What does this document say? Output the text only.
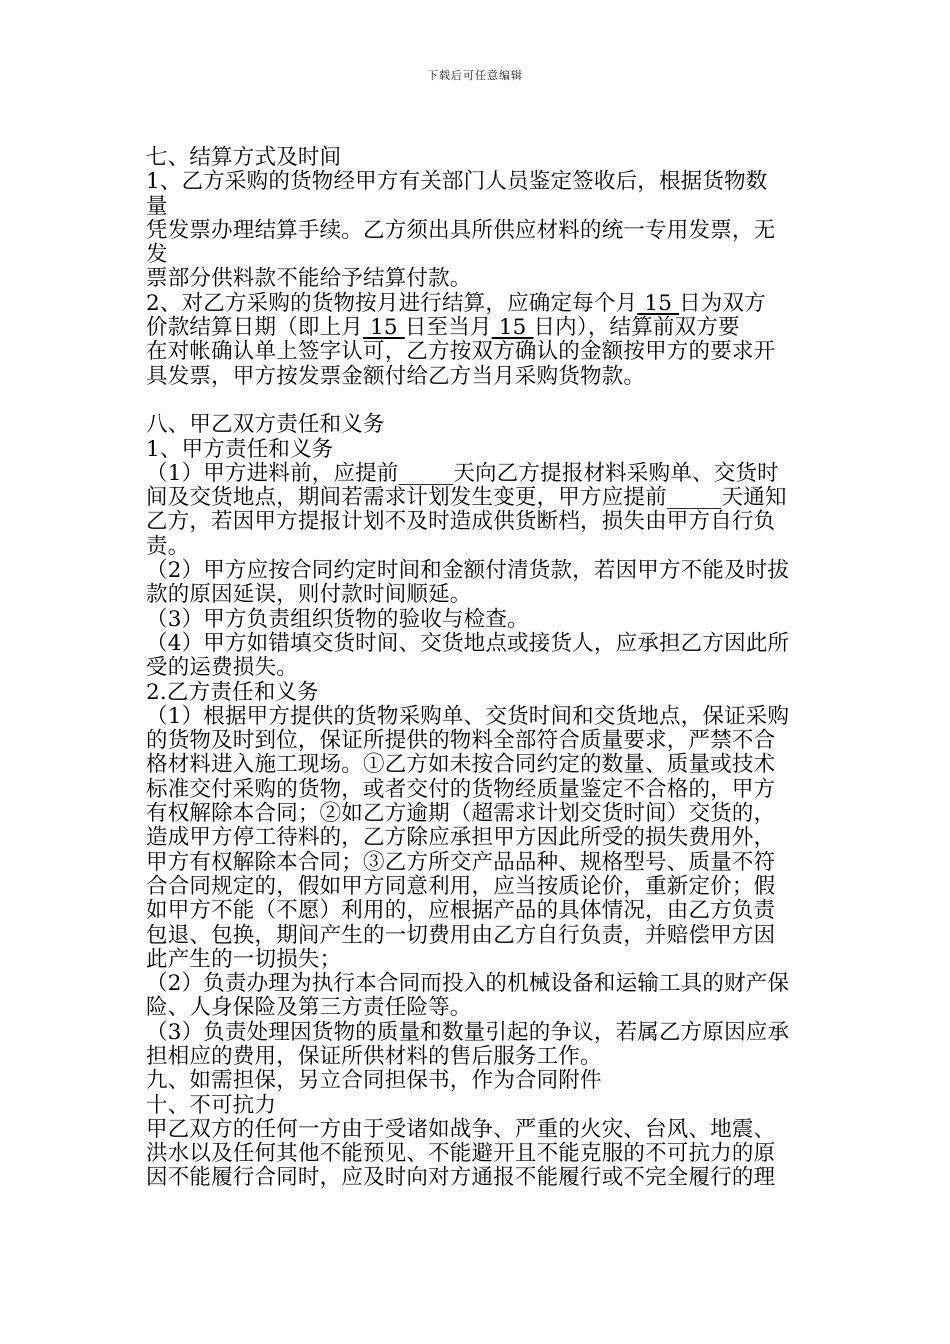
下载后可任意编辑
七、结算方式及时间
1、乙方采购的货物经甲方有关部门人员鉴定签收后，根据货物数
量
凭发票办理结算手续。乙方须出具所供应材料的统一专用发票，无
发
票部分供料款不能给予结算付款。
2、对乙方采购的货物按月进行结算，应确定每个月 15 日为双方
价款结算日期（即上月 15 日至当月 15 日内），结算前双方要
在对帐确认单上签字认可，乙方按双方确认的金额按甲方的要求开
具发票，甲方按发票金额付给乙方当月采购货物款。
八、甲乙双方责任和义务
1、甲方责任和义务
（1）甲方进料前，应提前_____天向乙方提报材料采购单、交货时
间及交货地点，期间若需求计划发生变更，甲方应提前_____天通知
乙方，若因甲方提报计划不及时造成供货断档，损失由甲方自行负
责。
（2）甲方应按合同约定时间和金额付清货款，若因甲方不能及时拔
款的原因延误，则付款时间顺延。
（3）甲方负责组织货物的验收与检查。
（4）甲方如错填交货时间、交货地点或接货人，应承担乙方因此所
受的运费损失。
2.乙方责任和义务
（1）根据甲方提供的货物采购单、交货时间和交货地点，保证采购
的货物及时到位，保证所提供的物料全部符合质量要求，严禁不合
格材料进入施工现场。①乙方如未按合同约定的数量、质量或技术
标准交付采购的货物，或者交付的货物经质量鉴定不合格的，甲方
有权解除本合同；②如乙方逾期（超需求计划交货时间）交货的，
造成甲方停工待料的，乙方除应承担甲方因此所受的损失费用外，
甲方有权解除本合同；③乙方所交产品品种、规格型号、质量不符
合合同规定的，假如甲方同意利用，应当按质论价，重新定价；假
如甲方不能（不愿）利用的，应根据产品的具体情况，由乙方负责
包退、包换，期间产生的一切费用由乙方自行负责，并赔偿甲方因
此产生的一切损失；
（2）负责办理为执行本合同而投入的机械设备和运输工具的财产保
险、人身保险及第三方责任险等。
（3）负责处理因货物的质量和数量引起的争议，若属乙方原因应承
担相应的费用，保证所供材料的售后服务工作。
九、如需担保，另立合同担保书，作为合同附件
十、不可抗力
甲乙双方的任何一方由于受诸如战争、严重的火灾、台风、地震、
洪水以及任何其他不能预见、不能避开且不能克服的不可抗力的原
因不能履行合同时，应及时向对方通报不能履行或不完全履行的理
